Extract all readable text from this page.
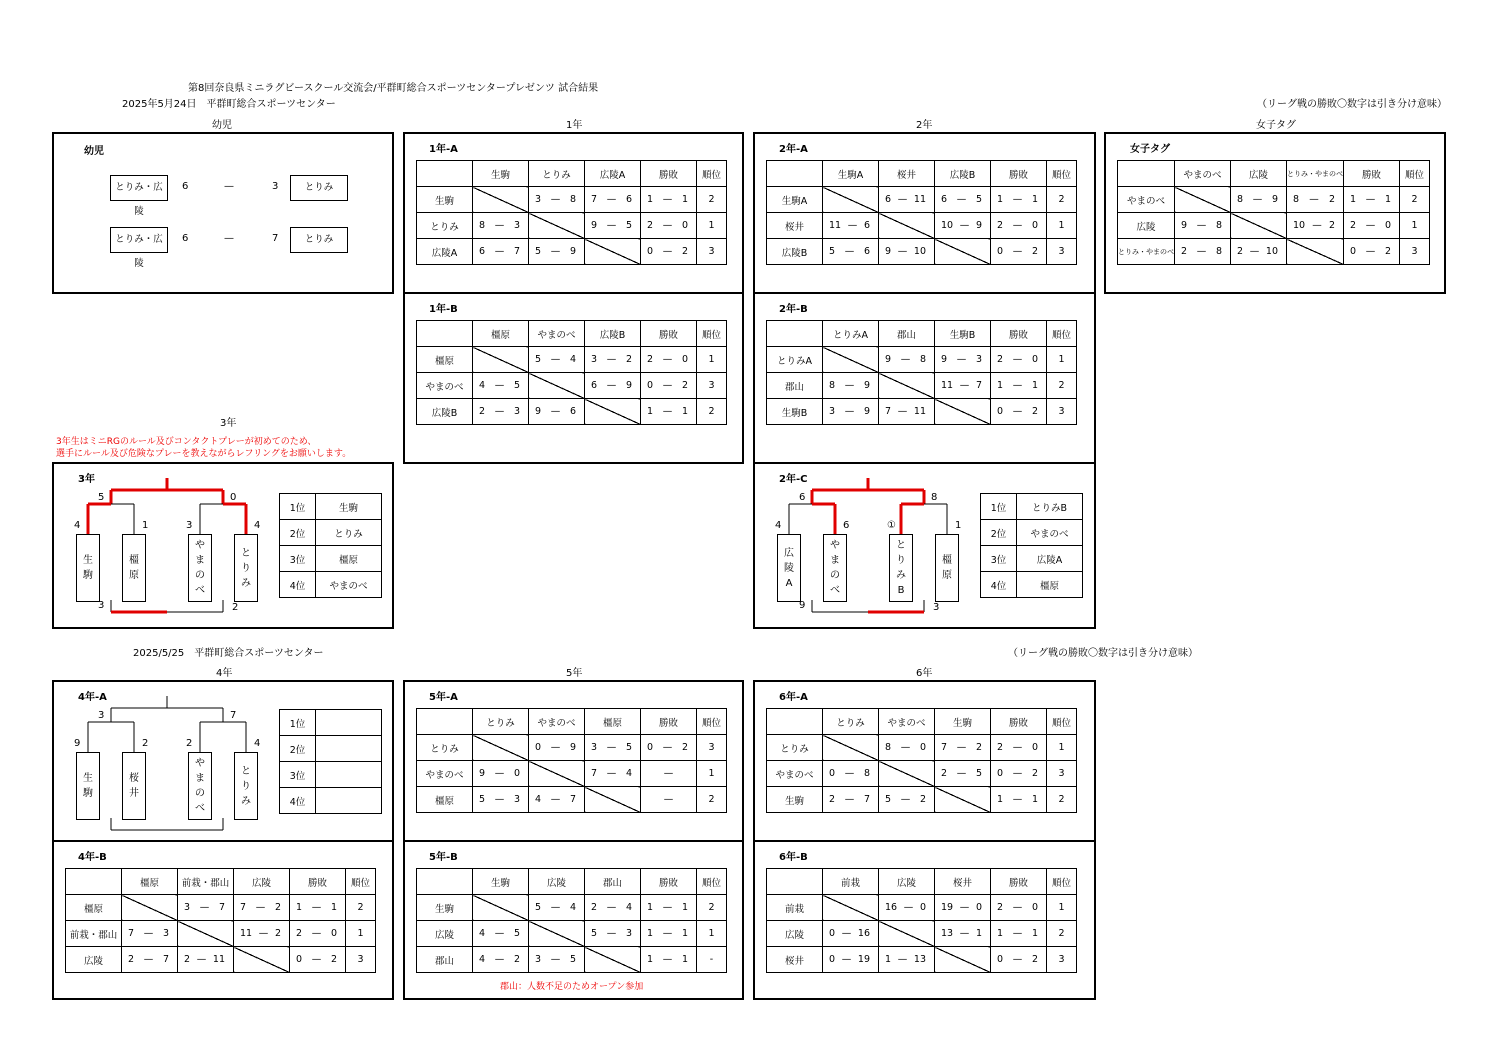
第8回奈良県ミニラグビースクール交流会/平群町総合スポーツセンタープレゼンツ 試合結果
2025年5月24日　平群町総合スポーツセンター	（リーグ戦の勝敗〇数字は引き分け意味）
幼児	1年	2年	女子タグ
幼児
とりみ・広陵
6	—	3	とりみ
とりみ・広陵
6	—	7	とりみ
1年-A
	生駒	とりみ	広陵A	勝敗	順位
生駒		3 — 8	7 — 6	1 — 1	2
とりみ	8 — 3		9 — 5	2 — 0	1
広陵A	6 — 7	5 — 9		0 — 2	3
1年-B
	橿原	やまのべ	広陵B	勝敗	順位
橿原		5 — 4	3 — 2	2 — 0	1
やまのべ	4 — 5		6 — 9	0 — 2	3
広陵B	2 — 3	9 — 6		1 — 1	2
2年-A
	生駒A	桜井	広陵B	勝敗	順位
生駒A		6 — 11	6 — 5	1 — 1	2
桜井	11 — 6		10 — 9	2 — 0	1
広陵B	5 — 6	9 — 10		0 — 2	3
2年-B
	とりみA	郡山	生駒B	勝敗	順位
とりみA		9 — 8	9 — 3	2 — 0	1
郡山	8 — 9		11 — 7	1 — 1	2
生駒B	3 — 9	7 — 11		0 — 2	3
女子タグ
	やまのべ	広陵	とりみ・やまのべ	勝敗	順位
やまのべ		8 — 9	8 — 2	1 — 1	2
広陵	9 — 8		10 — 2	2 — 0	1
とりみ・やまのべ	2 — 8	2 — 10		0 — 2	3
3年
3年生はミニRGのルール及びコンタクトプレーが初めてのため、
選手にルール及び危険なプレーを教えながらレフリングをお願いします。
3年
生
駒
橿
原
や
ま
の
べ
と
り
み
5	0
4	1	3	4
3	2
1位	生駒
2位	とりみ
3位	橿原
4位	やまのべ
2年-C
広
陵
A
や
ま
の
べ
と
り
み
B
橿
原
6	8
4	6	①	1
9	3
1位	とりみB
2位	やまのべ
3位	広陵A
4位	橿原
2025/5/25　平群町総合スポーツセンター	（リーグ戦の勝敗〇数字は引き分け意味）
4年	5年	6年
4年-A
生
駒
桜
井
や
ま
の
べ
と
り
み
3	7
9	2	2	4
1位	
2位	
3位	
4位	
4年-B
	橿原	前栽・郡山	広陵	勝敗	順位
橿原		3 — 7	7 — 2	1 — 1	2
前栽・郡山	7 — 3		11 — 2	2 — 0	1
広陵	2 — 7	2 — 11		0 — 2	3
5年-A
	とりみ	やまのべ	橿原	勝敗	順位
とりみ		0 — 9	3 — 5	0 — 2	3
やまのべ	9 — 0		7 — 4	—	1
橿原	5 — 3	4 — 7		—	2
5年-B
	生駒	広陵	郡山	勝敗	順位
生駒		5 — 4	2 — 4	1 — 1	2
広陵	4 — 5		5 — 3	1 — 1	1
郡山	4 — 2	3 — 5		1 — 1	-
郡山：人数不足のためオープン参加
6年-A
	とりみ	やまのべ	生駒	勝敗	順位
とりみ		8 — 0	7 — 2	2 — 0	1
やまのべ	0 — 8		2 — 5	0 — 2	3
生駒	2 — 7	5 — 2		1 — 1	2
6年-B
	前栽	広陵	桜井	勝敗	順位
前栽		16 — 0	19 — 0	2 — 0	1
広陵	0 — 16		13 — 1	1 — 1	2
桜井	0 — 19	1 — 13		0 — 2	3
